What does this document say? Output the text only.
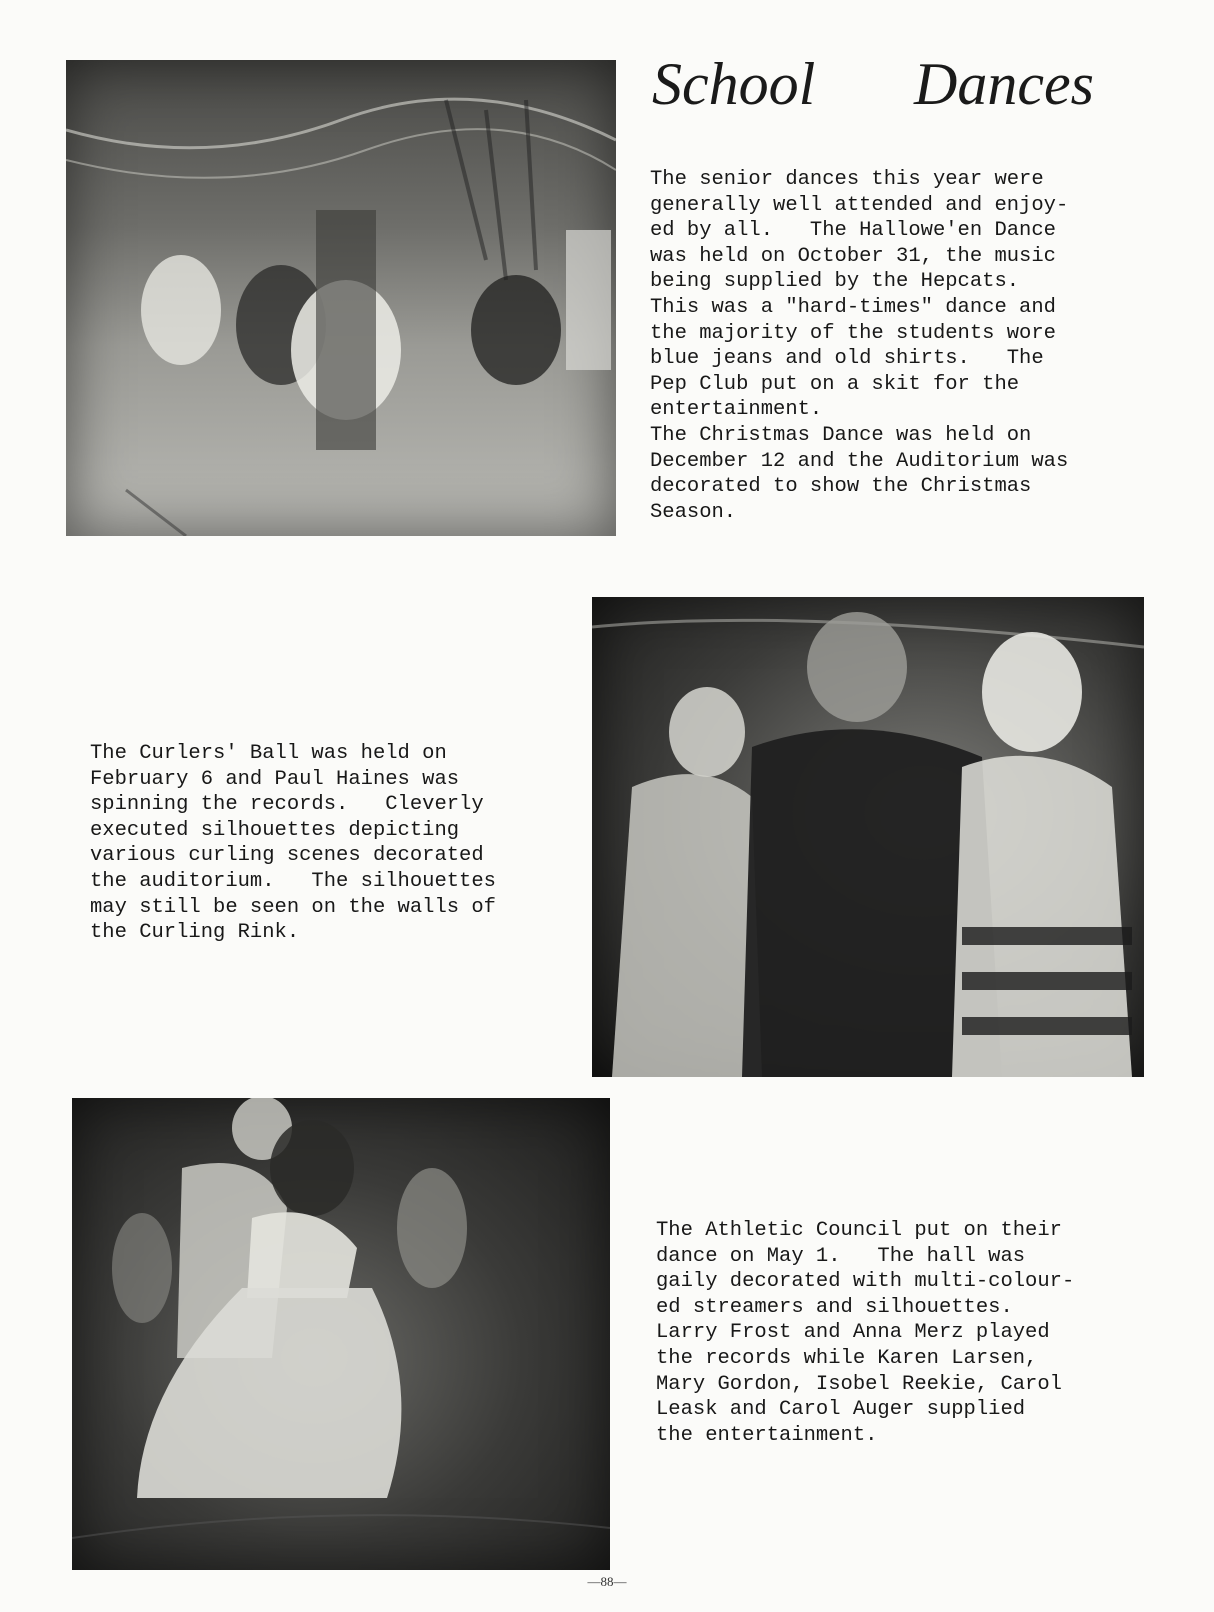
School Dances

The senior dances this year were
generally well attended and enjoy-
ed by all.   The Hallowe'en Dance
was held on October 31, the music
being supplied by the Hepcats.
This was a "hard-times" dance and
the majority of the students wore
blue jeans and old shirts.   The
Pep Club put on a skit for the
entertainment.
The Christmas Dance was held on
December 12 and the Auditorium was
decorated to show the Christmas
Season.

The Curlers' Ball was held on
February 6 and Paul Haines was
spinning the records.   Cleverly
executed silhouettes depicting
various curling scenes decorated
the auditorium.   The silhouettes
may still be seen on the walls of
the Curling Rink.

The Athletic Council put on their
dance on May 1.   The hall was
gaily decorated with multi-colour-
ed streamers and silhouettes.
Larry Frost and Anna Merz played
the records while Karen Larsen,
Mary Gordon, Isobel Reekie, Carol
Leask and Carol Auger supplied
the entertainment.

—88—
